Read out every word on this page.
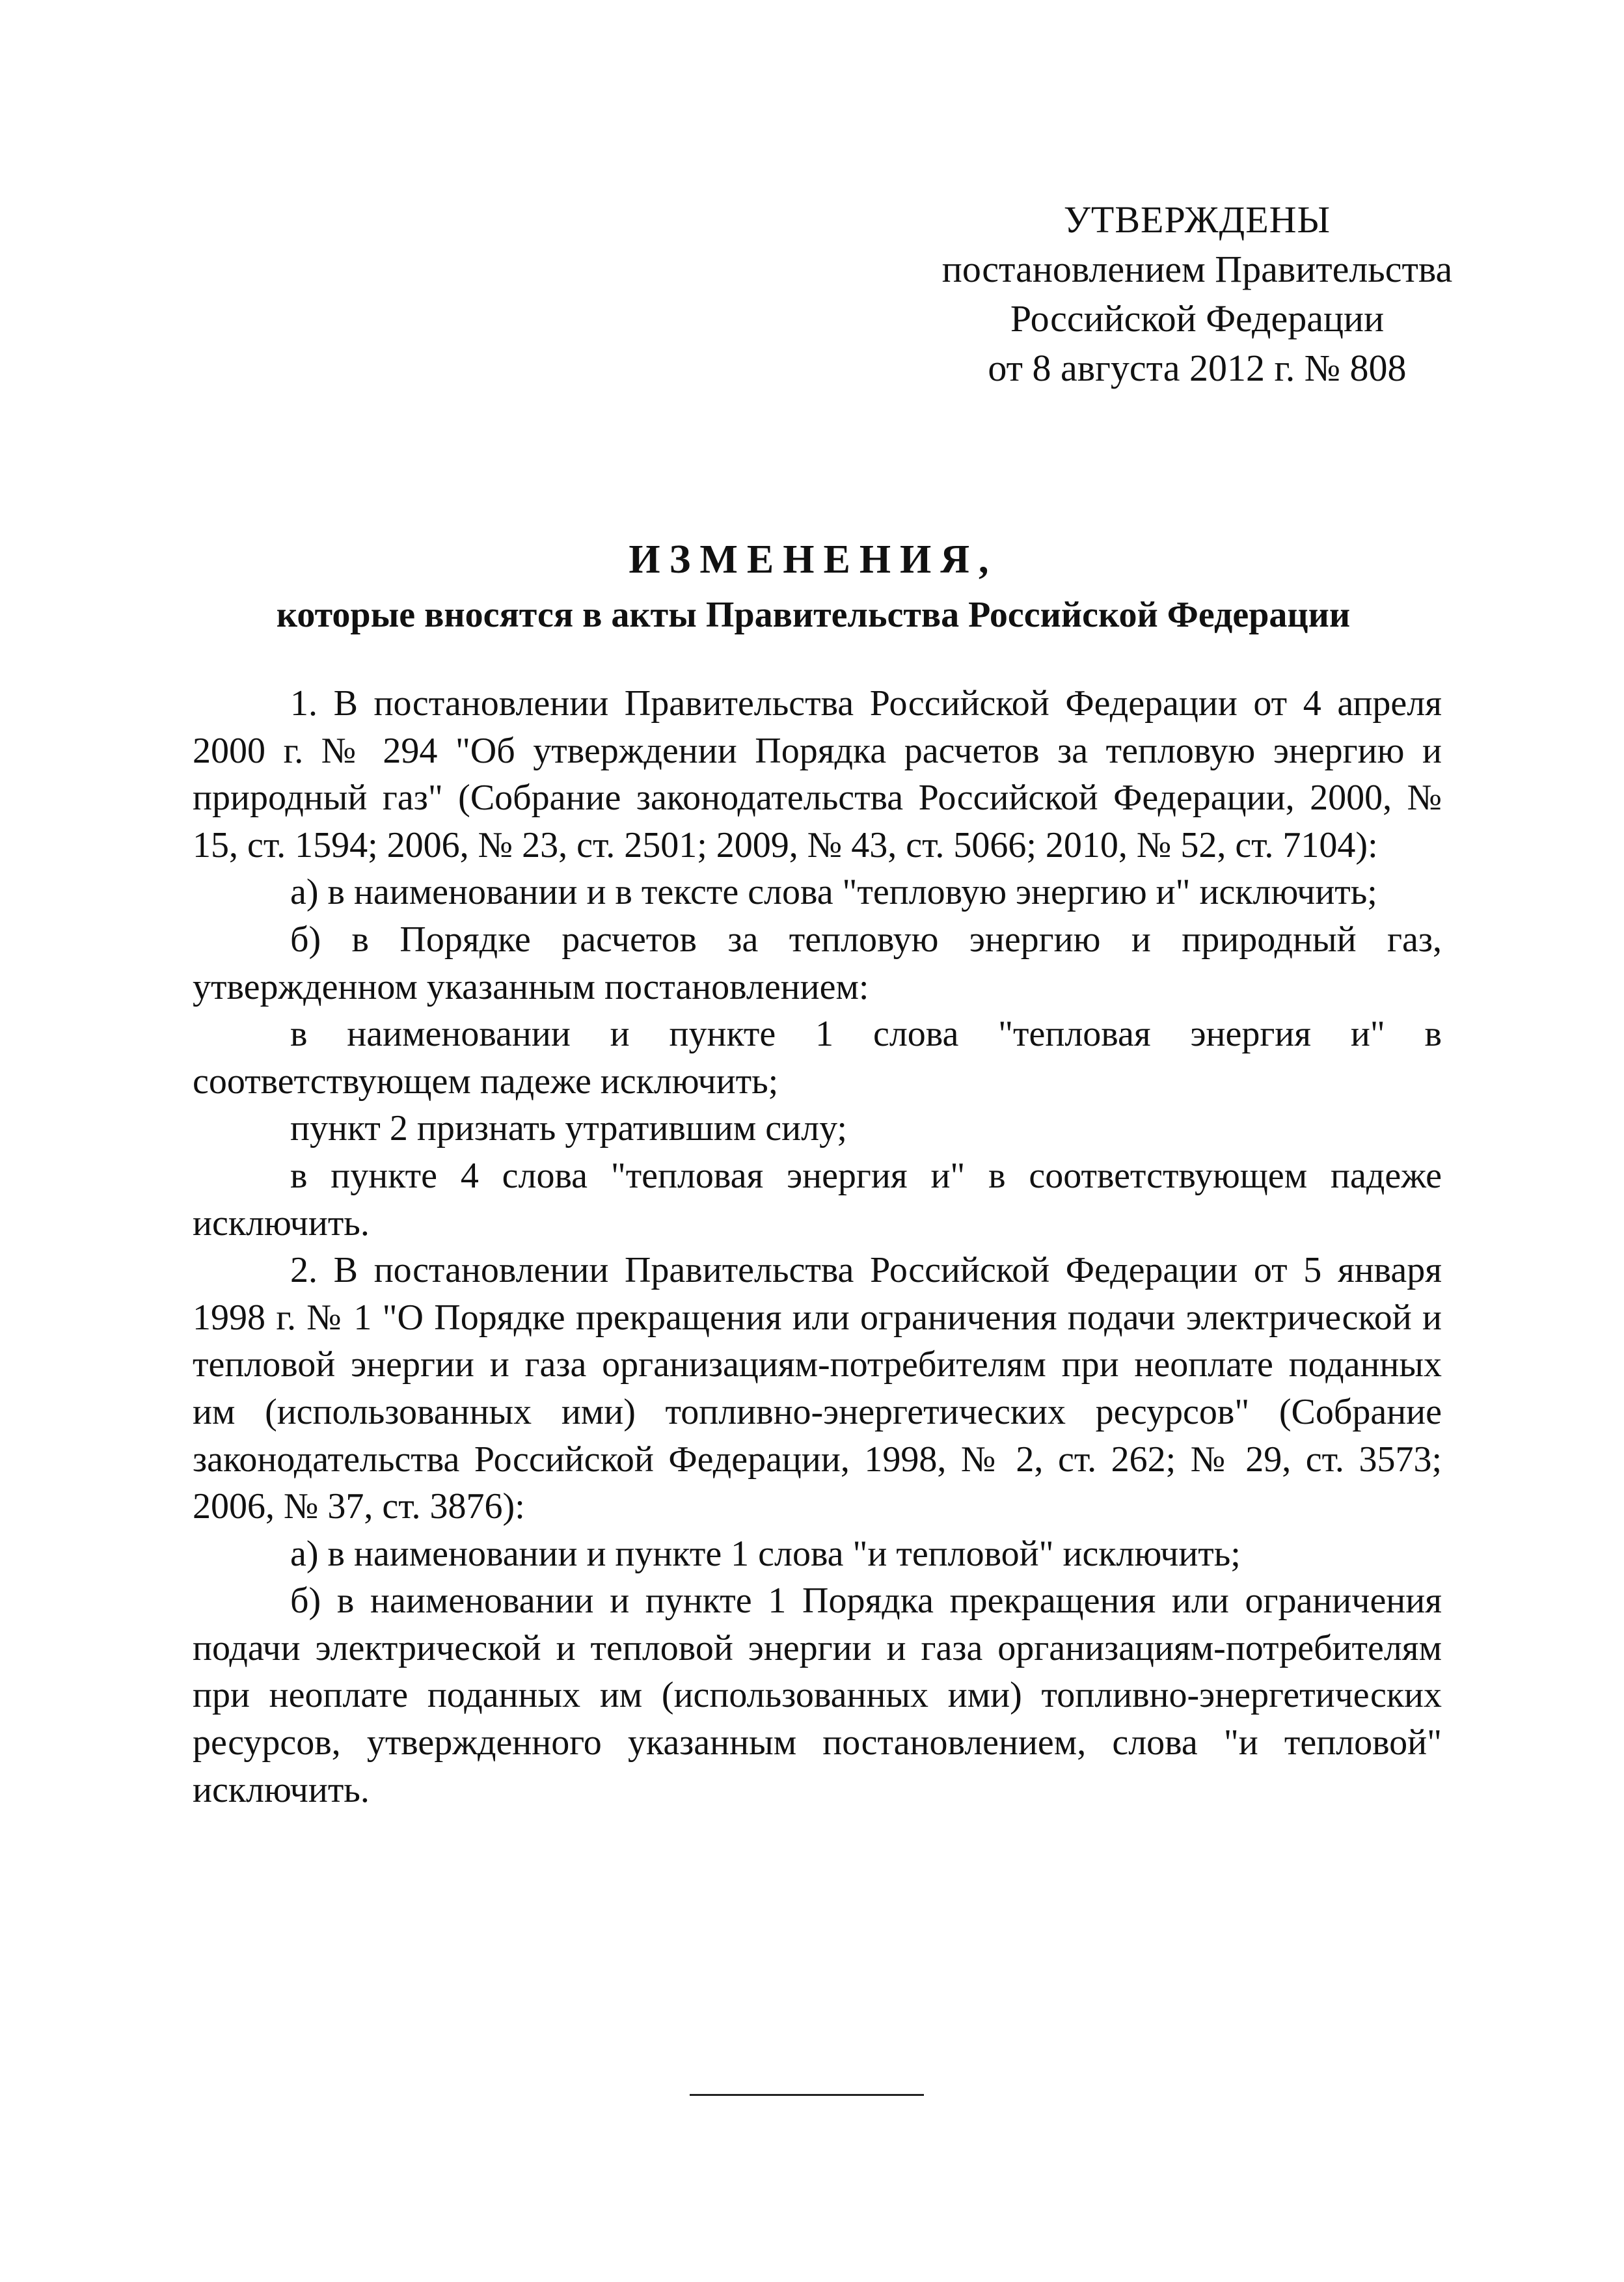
УТВЕРЖДЕНЫ
постановлением Правительства
Российской Федерации
от 8 августа 2012 г. № 808
ИЗМЕНЕНИЯ,
которые вносятся в акты Правительства Российской Федерации

1. В постановлении Правительства Российской Федерации от 4 апреля 2000 г. № 294 "Об утверждении Порядка расчетов за тепловую энергию и природный газ" (Собрание законодательства Российской Федерации, 2000, № 15, ст. 1594; 2006, № 23, ст. 2501; 2009, № 43, ст. 5066; 2010, № 52, ст. 7104):

а) в наименовании и в тексте слова "тепловую энергию и" исключить;

б) в Порядке расчетов за тепловую энергию и природный газ, утвержденном указанным постановлением:

в наименовании и пункте 1 слова "тепловая энергия и" в соответствующем падеже исключить;

пункт 2 признать утратившим силу;

в пункте 4 слова "тепловая энергия и" в соответствующем падеже исключить.

2. В постановлении Правительства Российской Федерации от 5 января 1998 г. № 1 "О Порядке прекращения или ограничения подачи электрической и тепловой энергии и газа организациям-потребителям при неоплате поданных им (использованных ими) топливно-энергетических ресурсов" (Собрание законодательства Российской Федерации, 1998, № 2, ст. 262; № 29, ст. 3573; 2006, № 37, ст. 3876):

а) в наименовании и пункте 1 слова "и тепловой" исключить;

б) в наименовании и пункте 1 Порядка прекращения или ограничения подачи электрической и тепловой энергии и газа организациям-потребителям при неоплате поданных им (использованных ими) топливно-энергетических ресурсов, утвержденного указанным постановлением, слова "и тепловой" исключить.
